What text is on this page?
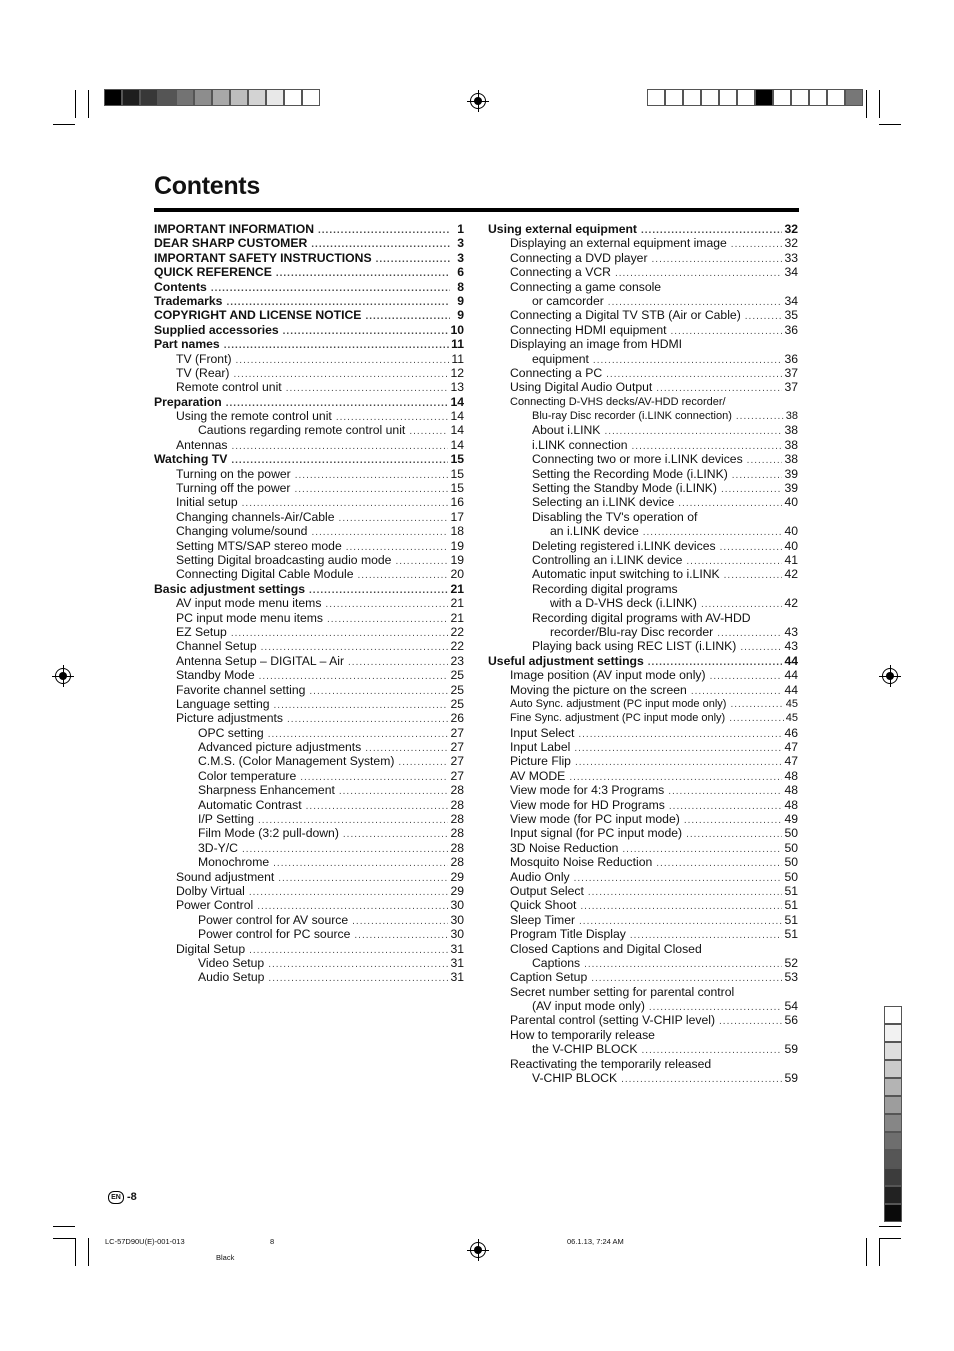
Contents
IMPORTANT INFORMATION .....	1
DEAR SHARP CUSTOMER .....	3
IMPORTANT SAFETY INSTRUCTIONS .....	3
QUICK REFERENCE .....	6
Contents .....	8
Trademarks .....	9
COPYRIGHT AND LICENSE NOTICE .....	9
Supplied accessories .....	10
Part names .....	11
TV (Front) .....	11
TV (Rear) .....	12
Remote control unit .....	13
Preparation .....	14
Using the remote control unit .....	14
Cautions regarding remote control unit .....	14
Antennas .....	14
Watching TV .....	15
Turning on the power .....	15
Turning off the power .....	15
Initial setup .....	16
Changing channels-Air/Cable .....	17
Changing volume/sound .....	18
Setting MTS/SAP stereo mode .....	19
Setting Digital broadcasting audio mode .....	19
Connecting Digital Cable Module .....	20
Basic adjustment settings .....	21
AV input mode menu items .....	21
PC input mode menu items .....	21
EZ Setup .....	22
Channel Setup .....	22
Antenna Setup – DIGITAL – Air .....	23
Standby Mode .....	25
Favorite channel setting .....	25
Language setting .....	25
Picture adjustments .....	26
OPC setting .....	27
Advanced picture adjustments .....	27
C.M.S. (Color Management System) .....	27
Color temperature .....	27
Sharpness Enhancement .....	28
Automatic Contrast .....	28
I/P Setting .....	28
Film Mode (3:2 pull-down) .....	28
3D-Y/C .....	28
Monochrome .....	28
Sound adjustment .....	29
Dolby Virtual .....	29
Power Control .....	30
Power control for AV source .....	30
Power control for PC source .....	30
Digital Setup .....	31
Video Setup .....	31
Audio Setup .....	31
Using external equipment .....	32
Displaying an external equipment image .....	32
Connecting a DVD player .....	33
Connecting a VCR .....	34
Connecting a game console
or camcorder .....	34
Connecting a Digital TV STB (Air or Cable) .....	35
Connecting HDMI equipment .....	36
Displaying an image from HDMI
equipment .....	36
Connecting a PC .....	37
Using Digital Audio Output .....	37
Connecting D-VHS decks/AV-HDD recorder/
Blu-ray Disc recorder (i.LINK connection) .....	38
About i.LINK .....	38
i.LINK connection .....	38
Connecting two or more i.LINK devices .....	38
Setting the Recording Mode (i.LINK) .....	39
Setting the Standby Mode (i.LINK) .....	39
Selecting an i.LINK device .....	40
Disabling the TV's operation of
an i.LINK device .....	40
Deleting registered i.LINK devices .....	40
Controlling an i.LINK device .....	41
Automatic input switching to i.LINK .....	42
Recording digital programs
with a D-VHS deck (i.LINK) .....	42
Recording digital programs with AV-HDD
recorder/Blu-ray Disc recorder .....	43
Playing back using REC LIST (i.LINK) .....	43
Useful adjustment settings .....	44
Image position (AV input mode only) .....	44
Moving the picture on the screen .....	44
Auto Sync. adjustment (PC input mode only) .....	45
Fine Sync. adjustment (PC input mode only) .....	45
Input Select .....	46
Input Label .....	47
Picture Flip .....	47
AV MODE .....	48
View mode for 4:3 Programs .....	48
View mode for HD Programs .....	48
View mode (for PC input mode) .....	49
Input signal (for PC input mode) .....	50
3D Noise Reduction .....	50
Mosquito Noise Reduction .....	50
Audio Only .....	50
Output Select .....	51
Quick Shoot .....	51
Sleep Timer .....	51
Program Title Display .....	51
Closed Captions and Digital Closed
Captions .....	52
Caption Setup .....	53
Secret number setting for parental control
(AV input mode only) .....	54
Parental control (setting V-CHIP level) .....	56
How to temporarily release
the V-CHIP BLOCK .....	59
Reactivating the temporarily released
V-CHIP BLOCK .....	59
EN -8
LC-57D90U(E)-001-013	8	06.1.13, 7:24 AM
Black
